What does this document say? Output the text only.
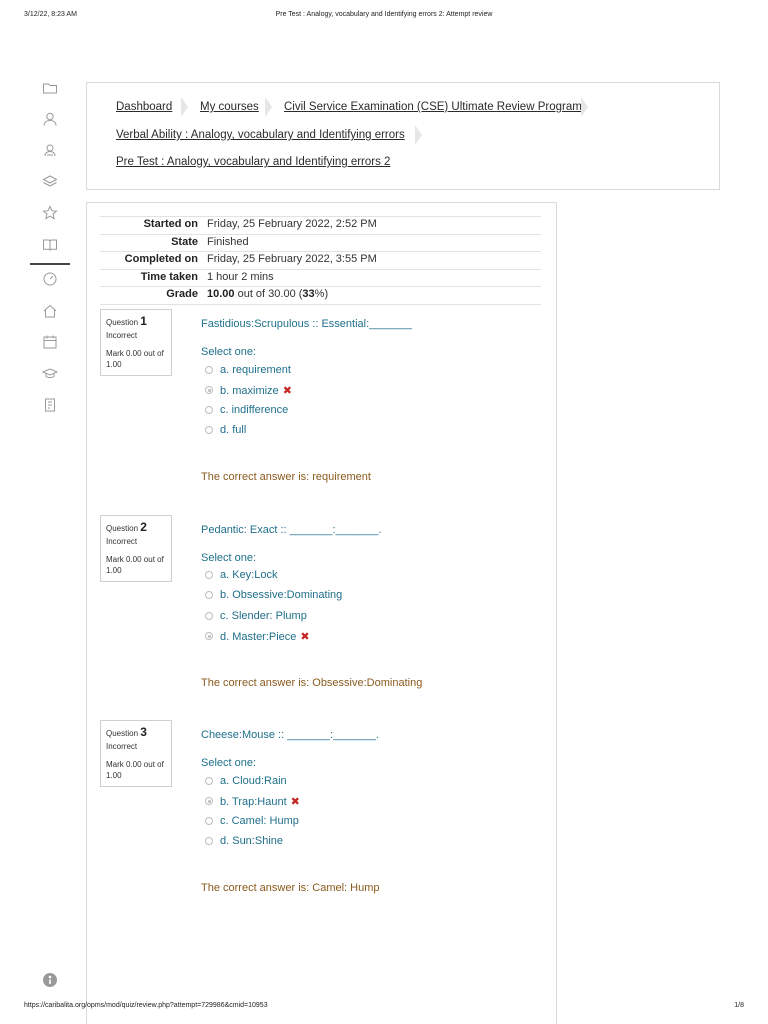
3/12/22, 8:23 AM	Pre Test : Analogy, vocabulary and Identifying errors 2: Attempt review
Dashboard My courses Civil Service Examination (CSE) Ultimate Review Program
Verbal Ability : Analogy, vocabulary and Identifying errors
Pre Test : Analogy, vocabulary and Identifying errors 2
Started on Friday, 25 February 2022, 2:52 PM
State Finished
Completed on Friday, 25 February 2022, 3:55 PM
Time taken 1 hour 2 mins
Grade 10.00 out of 30.00 (33%)
Question 1
Incorrect
Mark 0.00 out of 1.00
Fastidious:Scrupulous :: Essential:_______
Select one:
a. requirement
b. maximize ✖
c. indifference
d. full
The correct answer is: requirement
Question 2
Incorrect
Mark 0.00 out of 1.00
Pedantic: Exact :: _______:_______.
Select one:
a. Key:Lock
b. Obsessive:Dominating
c. Slender: Plump
d. Master:Piece ✖
The correct answer is: Obsessive:Dominating
Question 3
Incorrect
Mark 0.00 out of 1.00
Cheese:Mouse :: _______:_______.
Select one:
a. Cloud:Rain
b. Trap:Haunt ✖
c. Camel: Hump
d. Sun:Shine
The correct answer is: Camel: Hump
https://caribalita.org/opms/mod/quiz/review.php?attempt=729986&cmid=10953	1/8
